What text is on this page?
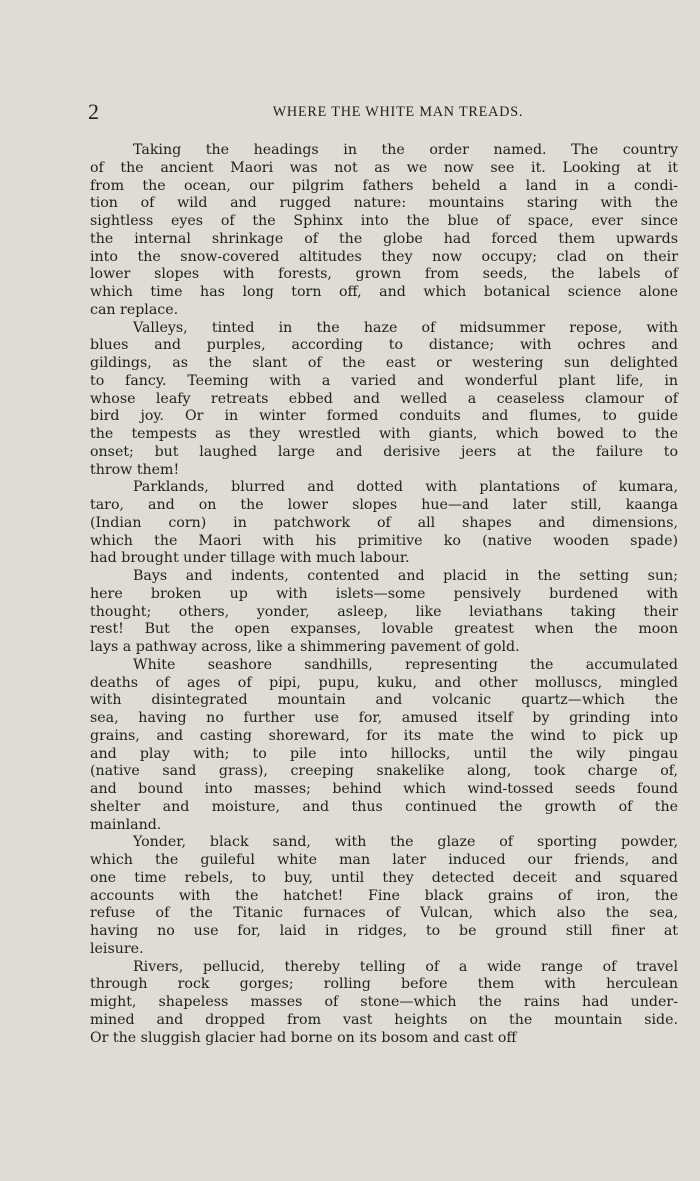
2	WHERE THE WHITE MAN TREADS.
Taking the headings in the order named. The country
of the ancient Maori was not as we now see it. Looking at it
from the ocean, our pilgrim fathers beheld a land in a condi-
tion of wild and rugged nature: mountains staring with the
sightless eyes of the Sphinx into the blue of space, ever since
the internal shrinkage of the globe had forced them upwards
into the snow-covered altitudes they now occupy; clad on their
lower slopes with forests, grown from seeds, the labels of
which time has long torn off, and which botanical science alone
can replace.
Valleys, tinted in the haze of midsummer repose, with
blues and purples, according to distance; with ochres and
gildings, as the slant of the east or westering sun delighted
to fancy. Teeming with a varied and wonderful plant life, in
whose leafy retreats ebbed and welled a ceaseless clamour of
bird joy. Or in winter formed conduits and flumes, to guide
the tempests as they wrestled with giants, which bowed to the
onset; but laughed large and derisive jeers at the failure to
throw them!
Parklands, blurred and dotted with plantations of kumara,
taro, and on the lower slopes hue—and later still, kaanga
(Indian corn) in patchwork of all shapes and dimensions,
which the Maori with his primitive ko (native wooden spade)
had brought under tillage with much labour.
Bays and indents, contented and placid in the setting sun;
here broken up with islets—some pensively burdened with
thought; others, yonder, asleep, like leviathans taking their
rest! But the open expanses, lovable greatest when the moon
lays a pathway across, like a shimmering pavement of gold.
White seashore sandhills, representing the accumulated
deaths of ages of pipi, pupu, kuku, and other molluscs, mingled
with disintegrated mountain and volcanic quartz—which the
sea, having no further use for, amused itself by grinding into
grains, and casting shoreward, for its mate the wind to pick up
and play with; to pile into hillocks, until the wily pingau
(native sand grass), creeping snakelike along, took charge of,
and bound into masses; behind which wind-tossed seeds found
shelter and moisture, and thus continued the growth of the
mainland.
Yonder, black sand, with the glaze of sporting powder,
which the guileful white man later induced our friends, and
one time rebels, to buy, until they detected deceit and squared
accounts with the hatchet! Fine black grains of iron, the
refuse of the Titanic furnaces of Vulcan, which also the sea,
having no use for, laid in ridges, to be ground still finer at
leisure.
Rivers, pellucid, thereby telling of a wide range of travel
through rock gorges; rolling before them with herculean
might, shapeless masses of stone—which the rains had under-
mined and dropped from vast heights on the mountain side.
Or the sluggish glacier had borne on its bosom and cast off
